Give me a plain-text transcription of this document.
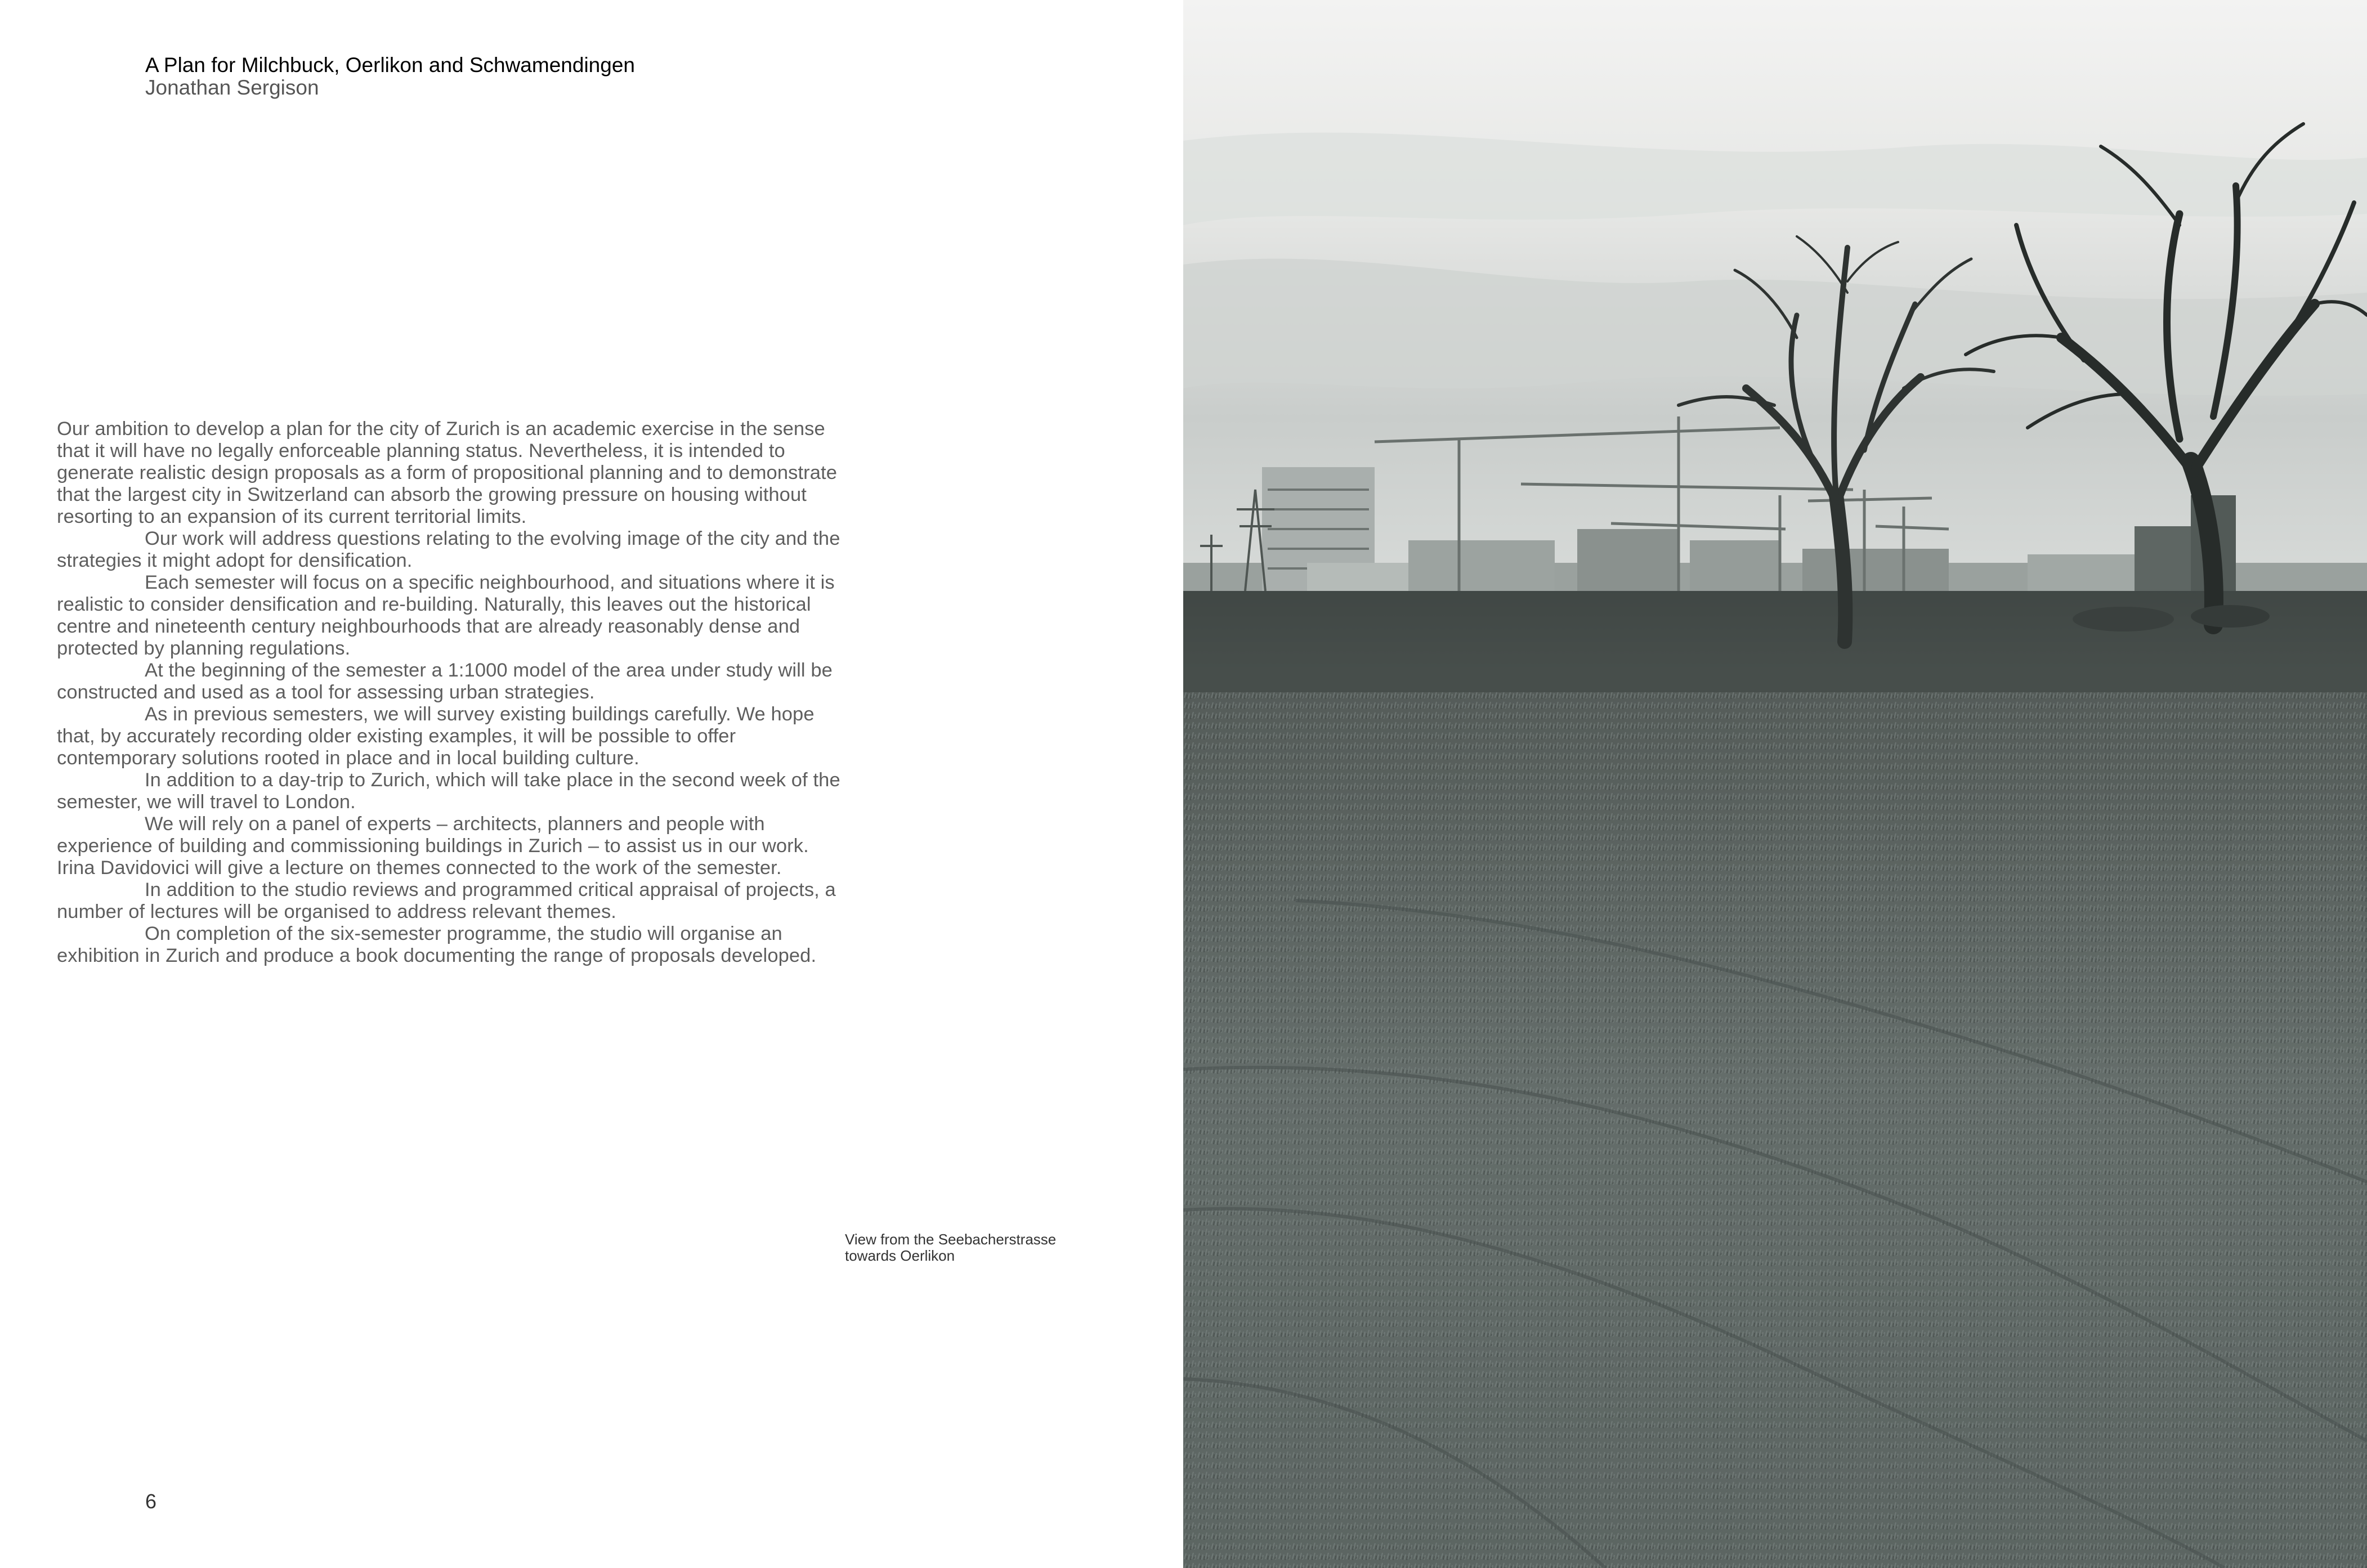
A Plan for Milchbuck, Oerlikon and Schwamendingen
Jonathan Sergison

Our ambition to develop a plan for the city of Zurich is an academic exercise in the sense that it will have no legally enforceable planning status. Nevertheless, it is intended to generate realistic design proposals as a form of propositional planning and to demonstrate that the largest city in Switzerland can absorb the growing pressure on housing without resorting to an expansion of its current territorial limits.

Our work will address questions relating to the evolving image of the city and the strategies it might adopt for densification.

Each semester will focus on a specific neighbourhood, and situations where it is realistic to consider densification and re-building. Naturally, this leaves out the historical centre and nineteenth century neighbourhoods that are already reasonably dense and protected by planning regulations.

At the beginning of the semester a 1:1000 model of the area under study will be constructed and used as a tool for assessing urban strategies.

As in previous semesters, we will survey existing buildings carefully. We hope that, by accurately recording older existing examples, it will be possible to offer contemporary solutions rooted in place and in local building culture.

In addition to a day-trip to Zurich, which will take place in the second week of the semester, we will travel to London.

We will rely on a panel of experts – architects, planners and people with experience of building and commissioning buildings in Zurich – to assist us in our work. Irina Davidovici will give a lecture on themes connected to the work of the semester.

In addition to the studio reviews and programmed critical appraisal of projects, a number of lectures will be organised to address relevant themes.

On completion of the six-semester programme, the studio will organise an exhibition in Zurich and produce a book documenting the range of proposals developed.

View from the Seebacherstrasse
towards Oerlikon
6
